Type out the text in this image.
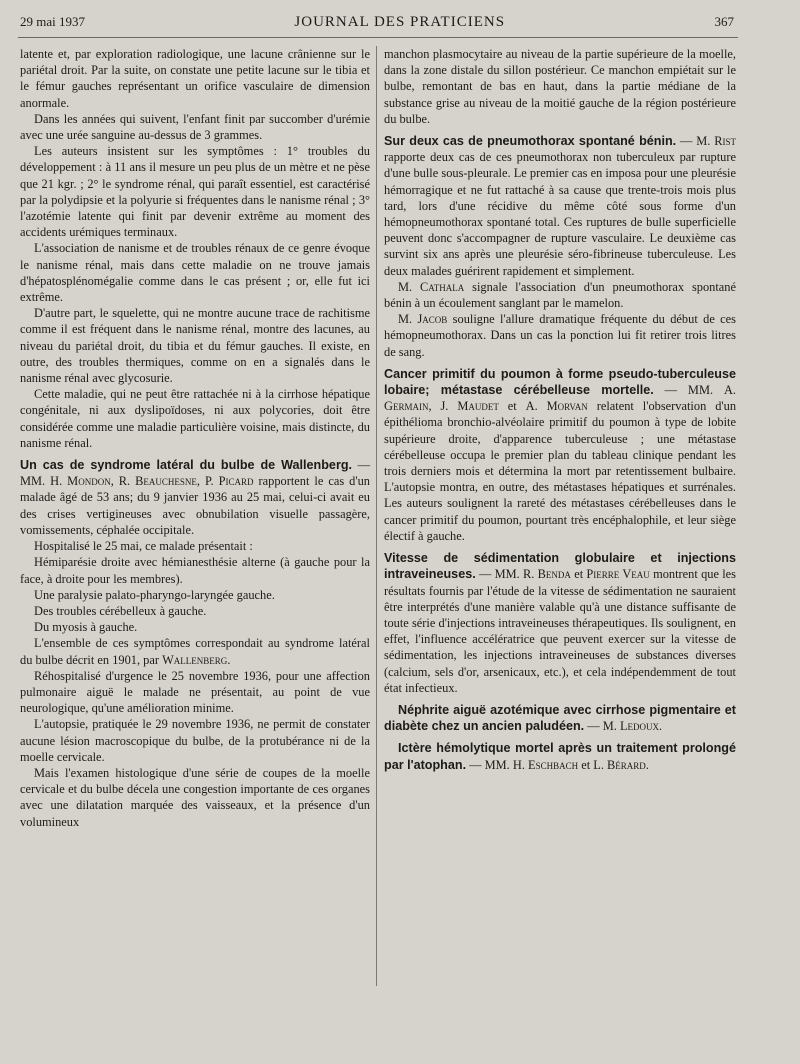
29 mai 1937	JOURNAL DES PRATICIENS	367

latente et, par exploration radiologique, une lacune crânienne sur le pariétal droit. Par la suite, on constate une petite lacune sur le tibia et le fémur gauches représentant un orifice vasculaire de dimension anormale.

Dans les années qui suivent, l'enfant finit par succomber d'urémie avec une urée sanguine au-dessus de 3 grammes.

Les auteurs insistent sur les symptômes : 1° troubles du développement : à 11 ans il mesure un peu plus de un mètre et ne pèse que 21 kgr. ; 2° le syndrome rénal, qui paraît essentiel, est caractérisé par la polydipsie et la polyurie si fréquentes dans le nanisme rénal ; 3° l'azotémie latente qui finit par devenir extrême au moment des accidents urémiques terminaux.

L'association de nanisme et de troubles rénaux de ce genre évoque le nanisme rénal, mais dans cette maladie on ne trouve jamais d'hépatosplénomégalie comme dans le cas présent ; or, elle fut ici extrême.

D'autre part, le squelette, qui ne montre aucune trace de rachitisme comme il est fréquent dans le nanisme rénal, montre des lacunes, au niveau du pariétal droit, du tibia et du fémur gauches. Il existe, en outre, des troubles thermiques, comme on en a signalés dans le nanisme rénal avec glycosurie.

Cette maladie, qui ne peut être rattachée ni à la cirrhose hépatique congénitale, ni aux dyslipoïdoses, ni aux polycories, doit être considérée comme une maladie particulière voisine, mais distincte, du nanisme rénal.

Un cas de syndrome latéral du bulbe de Wallenberg. — MM. H. Mondon, R. Beauchesne, P. Picard rapportent le cas d'un malade âgé de 53 ans; du 9 janvier 1936 au 25 mai, celui-ci avait eu des crises vertigineuses avec obnubilation visuelle passagère, vomissements, céphalée occipitale.

Hospitalisé le 25 mai, ce malade présentait :

Hémiparésie droite avec hémianesthésie alterne (à gauche pour la face, à droite pour les membres).

Une paralysie palato-pharyngo-laryngée gauche.

Des troubles cérébelleux à gauche.

Du myosis à gauche.

L'ensemble de ces symptômes correspondait au syndrome latéral du bulbe décrit en 1901, par Wallenberg.

Réhospitalisé d'urgence le 25 novembre 1936, pour une affection pulmonaire aiguë le malade ne présentait, au point de vue neurologique, qu'une amélioration minime.

L'autopsie, pratiquée le 29 novembre 1936, ne permit de constater aucune lésion macroscopique du bulbe, de la protubérance ni de la moelle cervicale.

Mais l'examen histologique d'une série de coupes de la moelle cervicale et du bulbe décela une congestion importante de ces organes avec une dilatation marquée des vaisseaux, et la présence d'un volumineux

manchon plasmocytaire au niveau de la partie supérieure de la moelle, dans la zone distale du sillon postérieur. Ce manchon empiétait sur le bulbe, remontant de bas en haut, dans la partie médiane de la substance grise au niveau de la moitié gauche de la région postérieure du bulbe.

Sur deux cas de pneumothorax spontané bénin. — M. Rist rapporte deux cas de ces pneumothorax non tuberculeux par rupture d'une bulle sous-pleurale. Le premier cas en imposa pour une pleurésie hémorragique et ne fut rattaché à sa cause que trente-trois mois plus tard, lors d'une récidive du même côté sous forme d'un hémopneumothorax spontané total. Ces ruptures de bulle superficielle peuvent donc s'accompagner de rupture vasculaire. Le deuxième cas survint six ans après une pleurésie séro-fibrineuse tuberculeuse. Les deux malades guérirent rapidement et simplement.

M. Cathala signale l'association d'un pneumothorax spontané bénin à un écoulement sanglant par le mamelon.

M. Jacob souligne l'allure dramatique fréquente du début de ces hémopneumothorax. Dans un cas la ponction lui fit retirer trois litres de sang.

Cancer primitif du poumon à forme pseudo-tuberculeuse lobaire; métastase cérébelleuse mortelle. — MM. A. Germain, J. Maudet et A. Morvan relatent l'observation d'un épithélioma bronchio-alvéolaire primitif du poumon à type de lobite supérieure droite, d'apparence tuberculeuse ; une métastase cérébelleuse occupa le premier plan du tableau clinique pendant les trois derniers mois et détermina la mort par retentissement bulbaire. L'autopsie montra, en outre, des métastases hépatiques et surrénales. Les auteurs soulignent la rareté des métastases cérébelleuses dans le cancer primitif du poumon, pourtant très encéphalophile, et leur siège électif à gauche.

Vitesse de sédimentation globulaire et injections intraveineuses. — MM. R. Benda et Pierre Veau montrent que les résultats fournis par l'étude de la vitesse de sédimentation ne sauraient être interprétés d'une manière valable qu'à une distance suffisante de toute série d'injections intraveineuses thérapeutiques. Ils soulignent, en effet, l'influence accélératrice que peuvent exercer sur la vitesse de sédimentation, les injections intraveineuses de substances diverses (calcium, sels d'or, arsenicaux, etc.), et cela indépendemment de tout état infectieux.

Néphrite aiguë azotémique avec cirrhose pigmentaire et diabète chez un ancien paludéen. — M. Ledoux.

Ictère hémolytique mortel après un traitement prolongé par l'atophan. — MM. H. Eschbach et L. Bérard.
